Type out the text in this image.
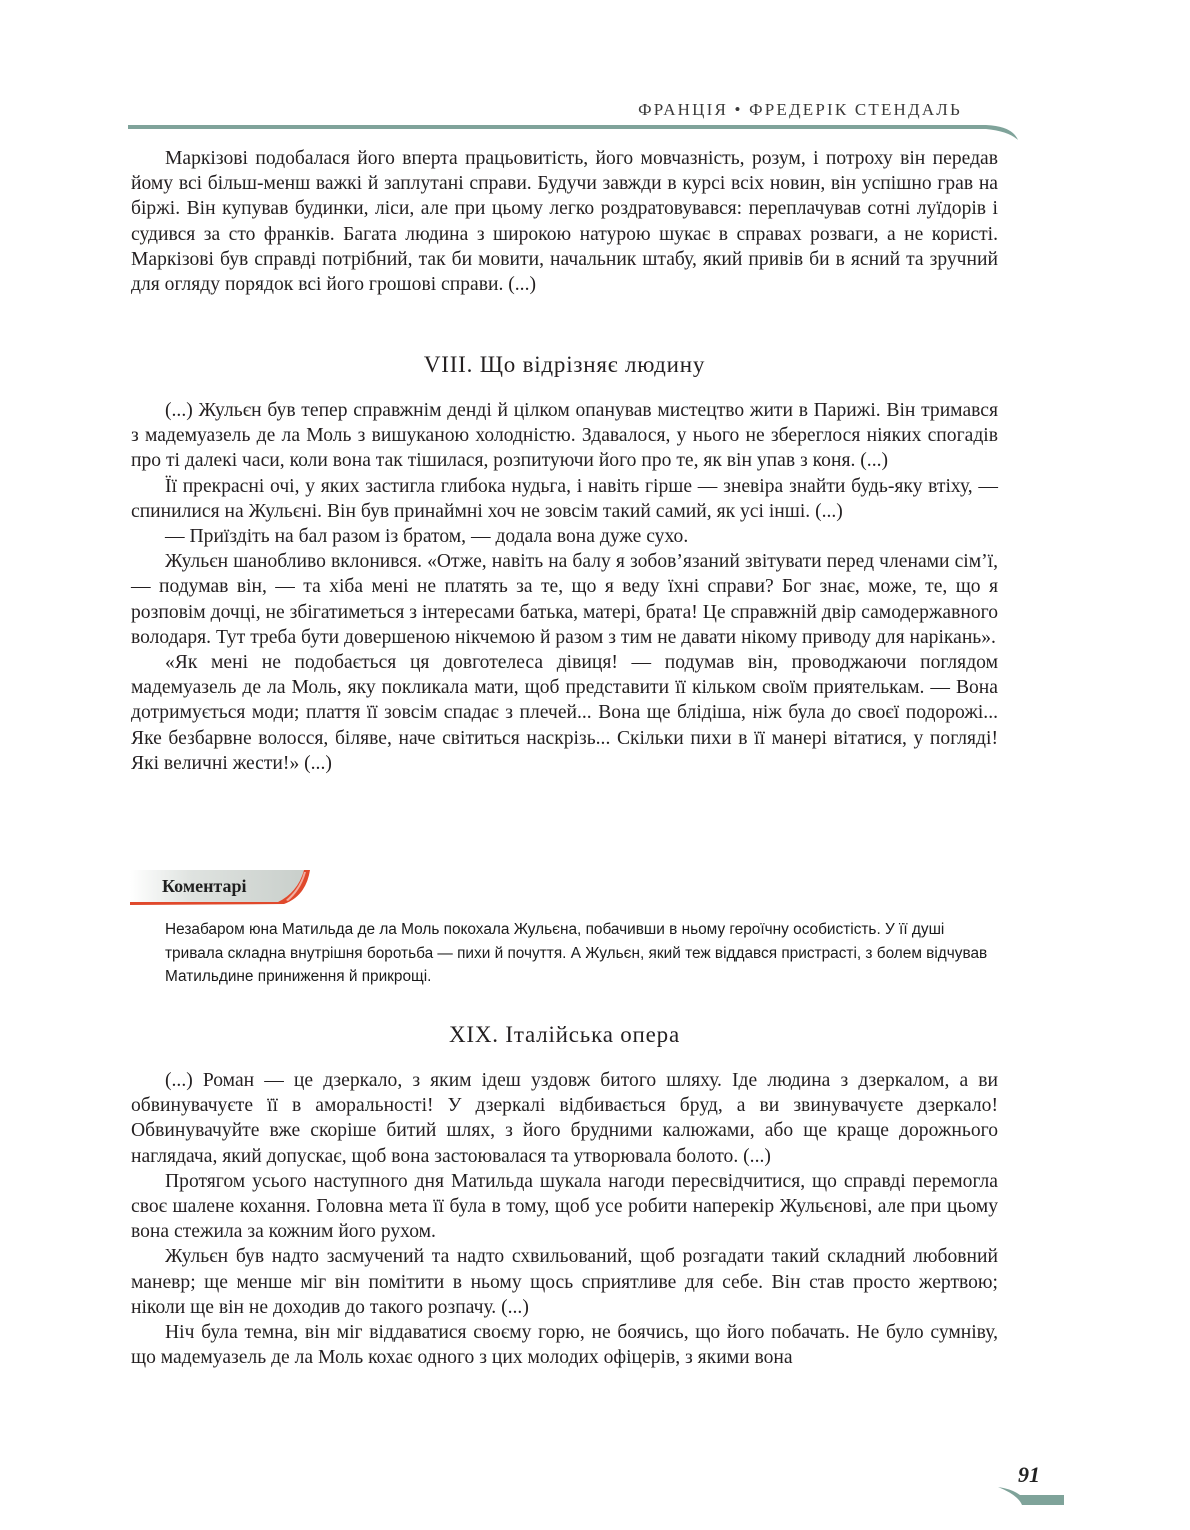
ФРАНЦІЯ • ФРЕДЕРІК СТЕНДАЛЬ

Маркізові подобалася його вперта працьовитість, його мовчазність, розум, і потроху він передав йому всі більш-менш важкі й заплутані справи. Будучи завжди в курсі всіх новин, він успішно грав на біржі. Він купував будинки, ліси, але при цьому легко роздратовувався: переплачував сотні луїдорів і судився за сто франків. Багата людина з широкою натурою шукає в справах розваги, а не користі. Маркізові був справді потрібний, так би мовити, начальник штабу, який привів би в ясний та зручний для огляду порядок всі його грошові справи. (...)

VIII. Що відрізняє людину

(...) Жульєн був тепер справжнім денді й цілком опанував мистецтво жити в Парижі. Він тримався з мадемуазель де ла Моль з вишуканою холодністю. Здавалося, у нього не збереглося ніяких спогадів про ті далекі часи, коли вона так тішилася, розпитуючи його про те, як він упав з коня. (...)

Її прекрасні очі, у яких застигла глибока нудьга, і навіть гірше — зневіра знайти будь-яку втіху, — спинилися на Жульєні. Він був принаймні хоч не зовсім такий самий, як усі інші. (...)

— Приїздіть на бал разом із братом, — додала вона дуже сухо.

Жульєн шанобливо вклонився. «Отже, навіть на балу я зобов’язаний звітувати перед членами сім’ї, — подумав він, — та хіба мені не платять за те, що я веду їхні справи? Бог знає, може, те, що я розповім дочці, не збігатиметься з інтересами батька, матері, брата! Це справжній двір самодержавного володаря. Тут треба бути довершеною нікчемою й разом з тим не давати нікому приводу для нарікань».

«Як мені не подобається ця довготелеса дівиця! — подумав він, проводжаючи поглядом мадемуазель де ла Моль, яку покликала мати, щоб представити її кільком своїм приятелькам. — Вона дотримується моди; плаття її зовсім спадає з плечей... Вона ще блідіша, ніж була до своєї подорожі... Яке безбарвне волосся, біляве, наче світиться наскрізь... Скільки пихи в її манері вітатися, у погляді! Які величні жести!» (...)

Коментарі
Незабаром юна Матильда де ла Моль покохала Жульєна, побачивши в ньому героїчну особистість. У її душі тривала складна внутрішня боротьба — пихи й почуття. А Жульєн, який теж віддався пристрасті, з болем відчував Матильдине приниження й прикрощі.
XIX. Італійська опера

(...) Роман — це дзеркало, з яким ідеш уздовж битого шляху. Іде людина з дзеркалом, а ви обвинувачуєте її в аморальності! У дзеркалі відбивається бруд, а ви звинувачуєте дзеркало! Обвинувачуйте вже скоріше битий шлях, з його брудними калюжами, або ще краще дорожнього наглядача, який допускає, щоб вона застоювалася та утворювала болото. (...)

Протягом усього наступного дня Матильда шукала нагоди пересвідчитися, що справді перемогла своє шалене кохання. Головна мета її була в тому, щоб усе робити наперекір Жульєнові, але при цьому вона стежила за кожним його рухом.

Жульєн був надто засмучений та надто схвильований, щоб розгадати такий складний любовний маневр; ще менше міг він помітити в ньому щось сприятливе для себе. Він став просто жертвою; ніколи ще він не доходив до такого розпачу. (...)

Ніч була темна, він міг віддаватися своєму горю, не боячись, що його побачать. Не було сумніву, що мадемуазель де ла Моль кохає одного з цих молодих офіцерів, з якими вона

91
